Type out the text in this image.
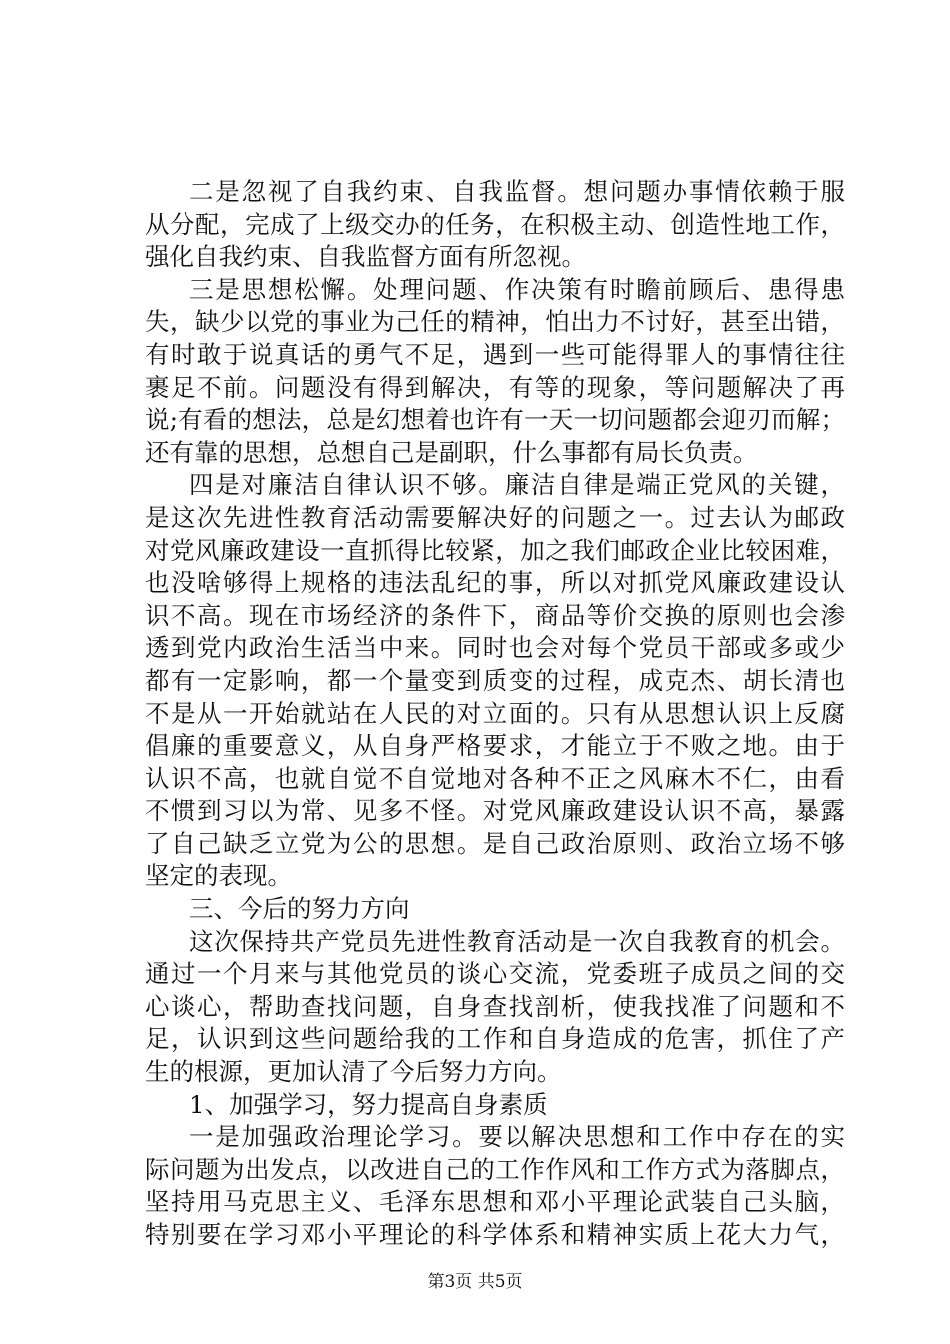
二是忽视了自我约束、自我监督。想问题办事情依赖于服
从分配，完成了上级交办的任务，在积极主动、创造性地工作，
强化自我约束、自我监督方面有所忽视。
三是思想松懈。处理问题、作决策有时瞻前顾后、患得患
失，缺少以党的事业为己任的精神，怕出力不讨好，甚至出错，
有时敢于说真话的勇气不足，遇到一些可能得罪人的事情往往
裹足不前。问题没有得到解决，有等的现象，等问题解决了再
说;有看的想法，总是幻想着也许有一天一切问题都会迎刃而解；
还有靠的思想，总想自己是副职，什么事都有局长负责。
四是对廉洁自律认识不够。廉洁自律是端正党风的关键，
是这次先进性教育活动需要解决好的问题之一。过去认为邮政
对党风廉政建设一直抓得比较紧，加之我们邮政企业比较困难，
也没啥够得上规格的违法乱纪的事，所以对抓党风廉政建设认
识不高。现在市场经济的条件下，商品等价交换的原则也会渗
透到党内政治生活当中来。同时也会对每个党员干部或多或少
都有一定影响，都一个量变到质变的过程，成克杰、胡长清也
不是从一开始就站在人民的对立面的。只有从思想认识上反腐
倡廉的重要意义，从自身严格要求，才能立于不败之地。由于
认识不高，也就自觉不自觉地对各种不正之风麻木不仁，由看
不惯到习以为常、见多不怪。对党风廉政建设认识不高，暴露
了自己缺乏立党为公的思想。是自己政治原则、政治立场不够
坚定的表现。
三、今后的努力方向
这次保持共产党员先进性教育活动是一次自我教育的机会。
通过一个月来与其他党员的谈心交流，党委班子成员之间的交
心谈心，帮助查找问题，自身查找剖析，使我找准了问题和不
足，认识到这些问题给我的工作和自身造成的危害，抓住了产
生的根源，更加认清了今后努力方向。
1、加强学习，努力提高自身素质
一是加强政治理论学习。要以解决思想和工作中存在的实
际问题为出发点，以改进自己的工作作风和工作方式为落脚点，
坚持用马克思主义、毛泽东思想和邓小平理论武装自己头脑，
特别要在学习邓小平理论的科学体系和精神实质上花大力气，
第3页 共5页
